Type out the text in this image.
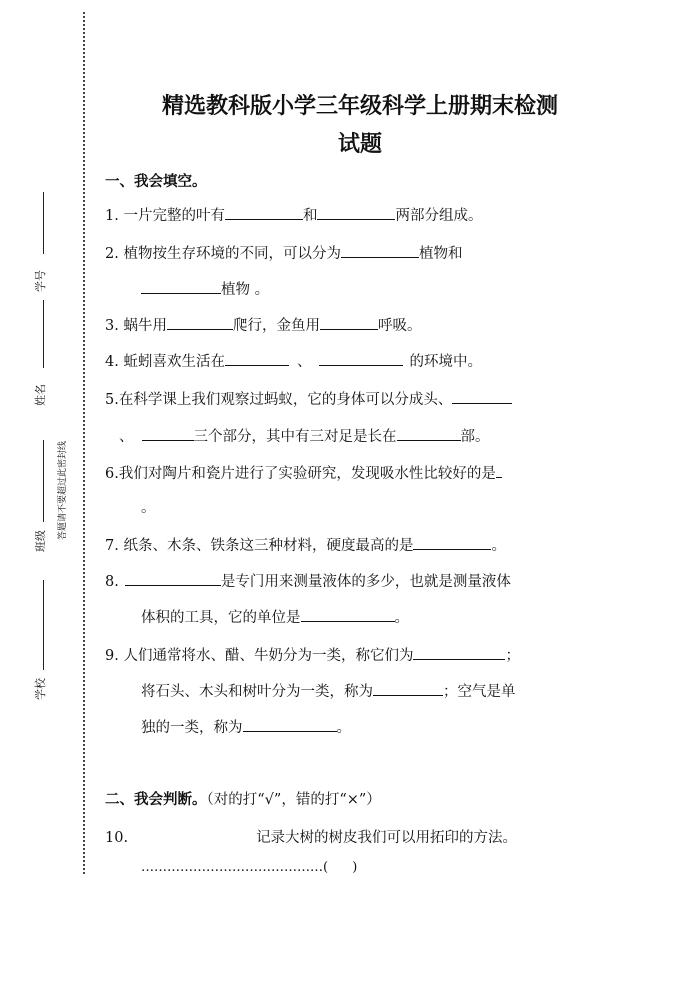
学号
姓名
答题请不要超过此密封线
班级
学校
精选教科版小学三年级科学上册期末检测
试题
一、我会填空。
1. 一片完整的叶有	和	两部分组成。
2. 植物按生存环境的不同，可以分为	植物和
植物 。
3. 蜗牛用	爬行，金鱼用	呼吸。
4. 蚯蚓喜欢生活在	、	的环境中。
5.在科学课上我们观察过蚂蚁，它的身体可以分成头、
、	三个部分，其中有三对足是长在	部。
6.我们对陶片和瓷片进行了实验研究，发现吸水性比较好的是
。
7. 纸条、木条、铁条这三种材料，硬度最高的是	。
8.	是专门用来测量液体的多少，也就是测量液体
体积的工具，它的单位是	。
9. 人们通常将水、醋、牛奶分为一类，称它们为	；
将石头、木头和树叶分为一类，称为	；空气是单
独的一类，称为	。
二、我会判断。（对的打“√”，错的打“×”）
10.	记录大树的树皮我们可以用拓印的方法。
……………………………………( )
